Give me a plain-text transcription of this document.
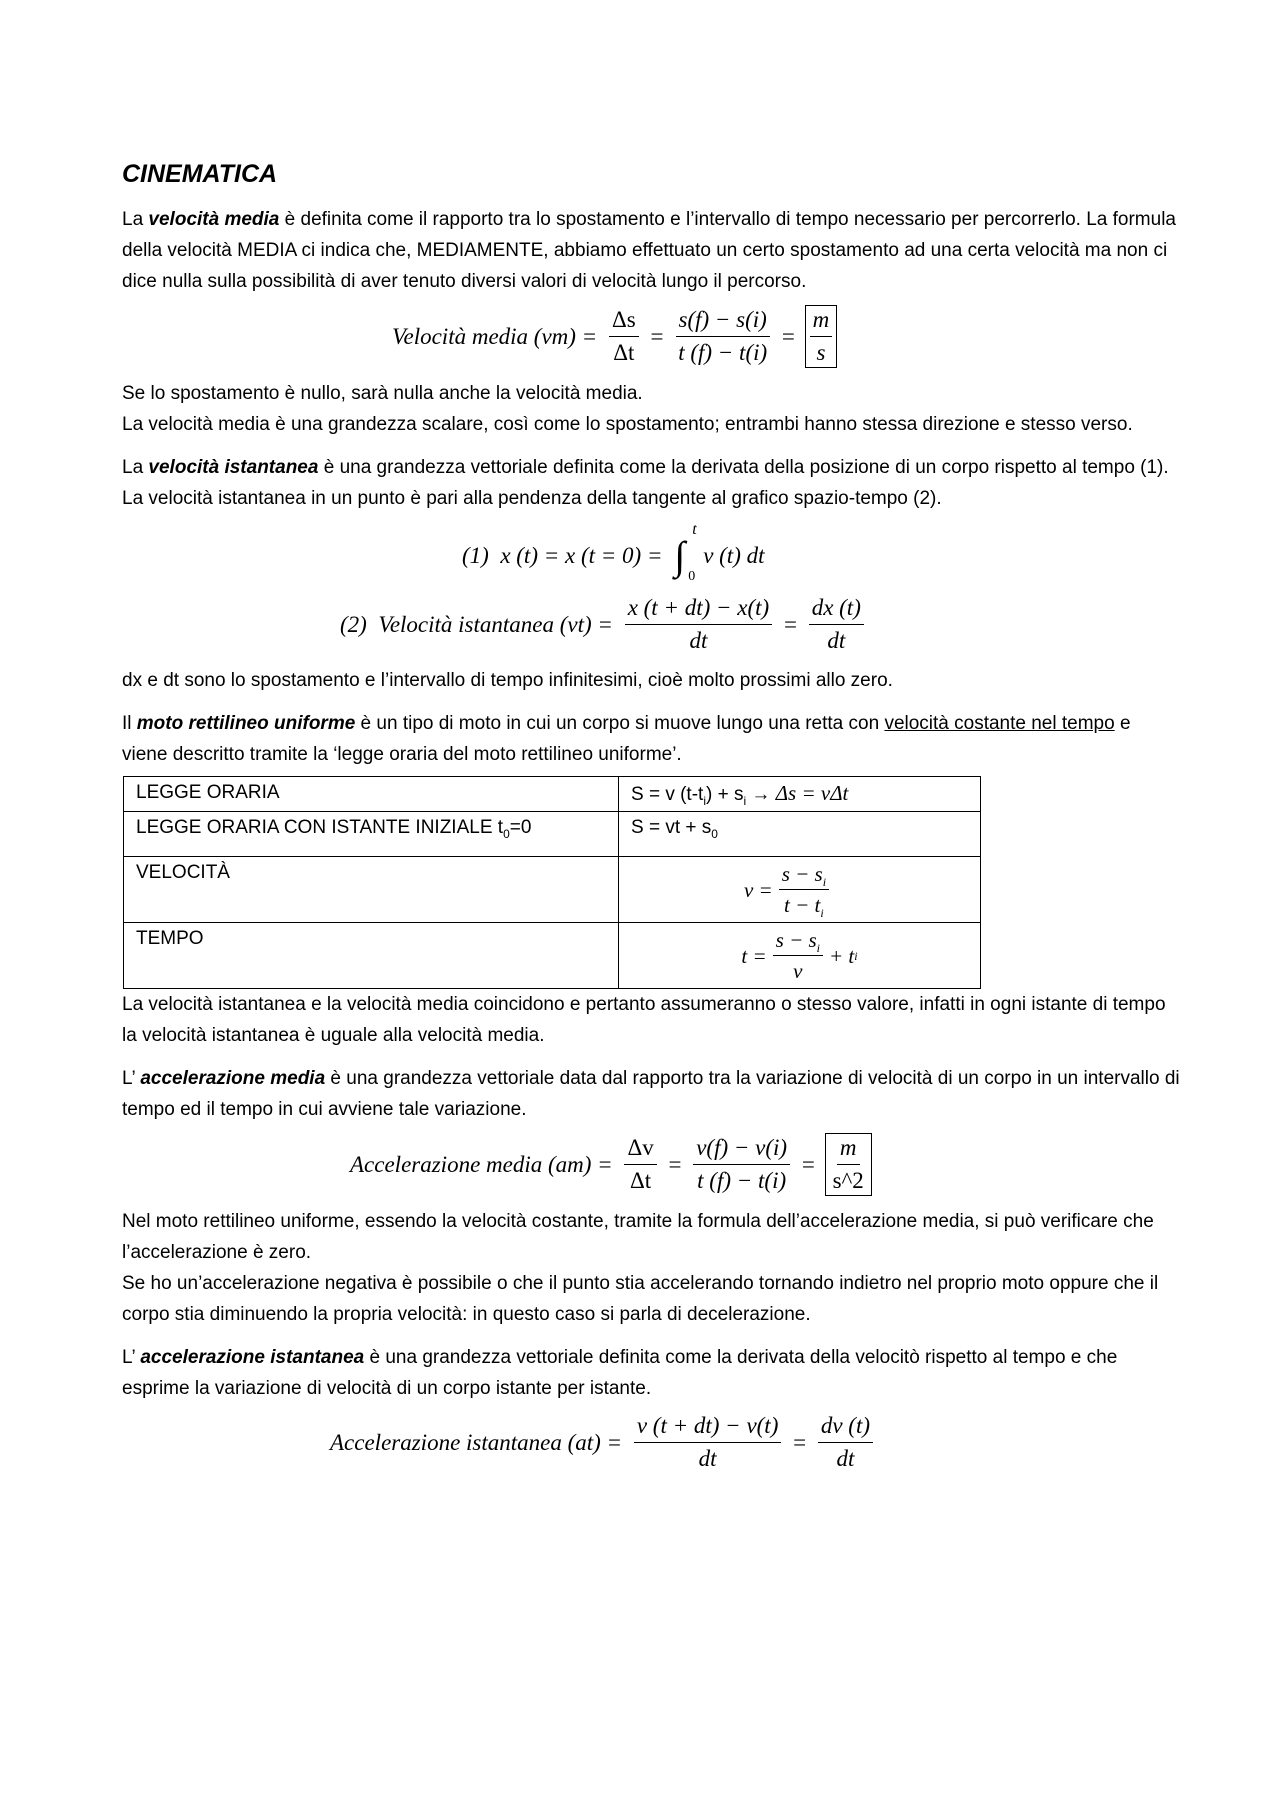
CINEMATICA
La velocità media è definita come il rapporto tra lo spostamento e l’intervallo di tempo necessario per percorrerlo. La formula della velocità MEDIA ci indica che, MEDIAMENTE, abbiamo effettuato un certo spostamento ad una certa velocità ma non ci dice nulla sulla possibilità di aver tenuto diversi valori di velocità lungo il percorso.
Velocità media $(vm) = \frac{\Delta s}{\Delta t} = \frac{s(f) - s(i)}{t (f) - t(i)} = \frac{m}{s}$
Se lo spostamento è nullo, sarà nulla anche la velocità media.
La velocità media è una grandezza scalare, così come lo spostamento; entrambi hanno stessa direzione e stesso verso.
La velocità istantanea è una grandezza vettoriale definita come la derivata della posizione di un corpo rispetto al tempo (1). La velocità istantanea in un punto è pari alla pendenza della tangente al grafico spazio-tempo (2).
(1)  x (t) = x (t = 0) = ∫
t
0
v (t) dt
(2)  Velocità istantanea $(vt) = \frac{x (t + dt) - x(t)}{dt} = \frac{dx (t)}{dt}$
dx e dt sono lo spostamento e l’intervallo di tempo infinitesimi, cioè molto prossimi allo zero.
Il moto rettilineo uniforme è un tipo di moto in cui un corpo si muove lungo una retta con velocità costante nel tempo e viene descritto tramite la ‘legge oraria del moto rettilineo uniforme’.
LEGGE ORARIA	S = v $(t-t_i) + s_i \to \Delta s = v\Delta t$
LEGGE ORARIA CON ISTANTE INIZIALE $t_0=0$	S = vt + $s_0$
VELOCITÀ	$v = \frac{s - s_i}{t - t_i}$

TEMPO	$t = \frac{s - s_i}{v} + t$ i
La velocità istantanea e la velocità media coincidono e pertanto assumeranno o stesso valore, infatti in ogni istante di tempo la velocità istantanea è uguale alla velocità media.
L’ accelerazione media è una grandezza vettoriale data dal rapporto tra la variazione di velocità di un corpo in un intervallo di tempo ed il tempo in cui avviene tale variazione.
Accelerazione media $(am) = \frac{\Delta v}{\Delta t} = \frac{v(f) - v(i)}{t (f) - t(i)} = \frac{m}{s\^{}2}$
Nel moto rettilineo uniforme, essendo la velocità costante, tramite la formula dell’accelerazione media, si può verificare che l’accelerazione è zero.
Se ho un’accelerazione negativa è possibile o che il punto stia accelerando tornando indietro nel proprio moto oppure che il corpo stia diminuendo la propria velocità: in questo caso si parla di decelerazione.
L’ accelerazione istantanea è una grandezza vettoriale definita come la derivata della velocitò rispetto al tempo e che esprime la variazione di velocità di un corpo istante per istante.
Accelerazione istantanea $(at) = \frac{v (t + dt) - v(t)}{dt} = \frac{dv (t)}{dt}$
